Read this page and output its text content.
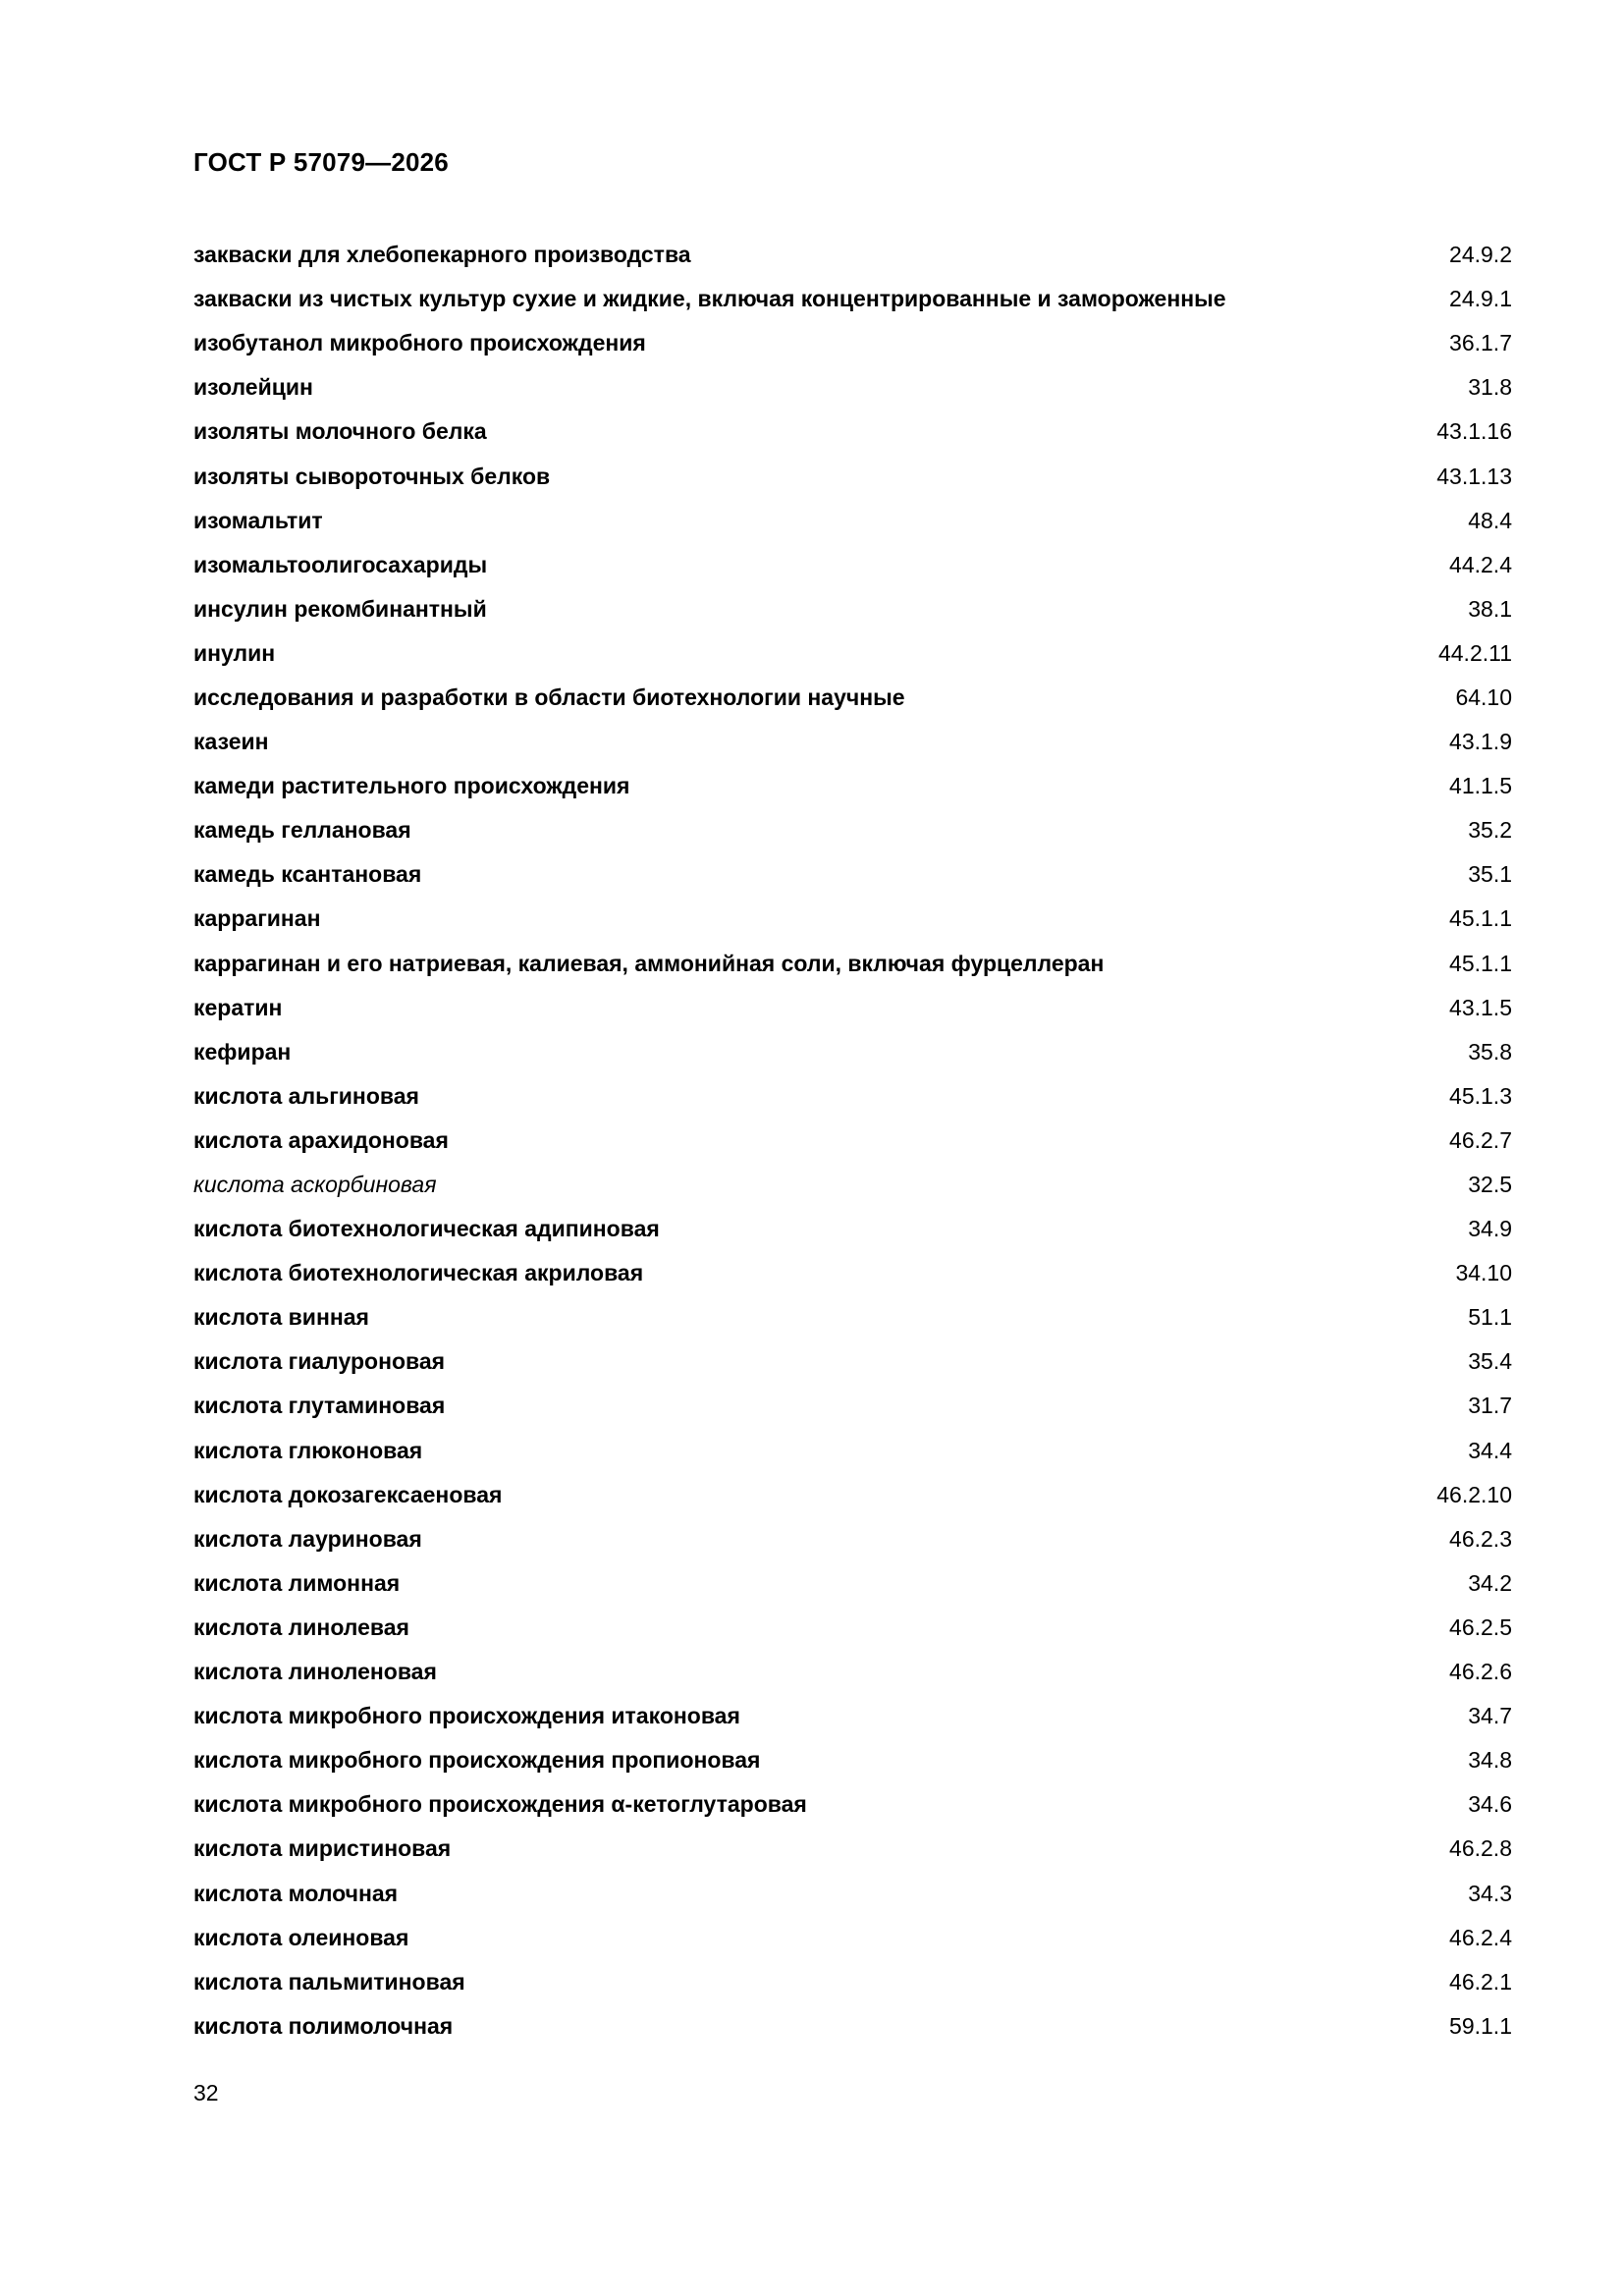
ГОСТ Р 57079—2026
закваски для хлебопекарного производства	24.9.2
закваски из чистых культур сухие и жидкие, включая концентрированные и замороженные	24.9.1
изобутанол микробного происхождения	36.1.7
изолейцин	31.8
изоляты молочного белка	43.1.16
изоляты сывороточных белков	43.1.13
изомальтит	48.4
изомальтоолигосахариды	44.2.4
инсулин рекомбинантный	38.1
инулин	44.2.11
исследования и разработки в области биотехнологии научные	64.10
казеин	43.1.9
камеди растительного происхождения	41.1.5
камедь геллановая	35.2
камедь ксантановая	35.1
каррагинан	45.1.1
каррагинан и его натриевая, калиевая, аммонийная соли, включая фурцеллеран	45.1.1
кератин	43.1.5
кефиран	35.8
кислота альгиновая	45.1.3
кислота арахидоновая	46.2.7
кислота аскорбиновая	32.5
кислота биотехнологическая адипиновая	34.9
кислота биотехнологическая акриловая	34.10
кислота винная	51.1
кислота гиалуроновая	35.4
кислота глутаминовая	31.7
кислота глюконовая	34.4
кислота докозагексаеновая	46.2.10
кислота лауриновая	46.2.3
кислота лимонная	34.2
кислота линолевая	46.2.5
кислота линоленовая	46.2.6
кислота микробного происхождения итаконовая	34.7
кислота микробного происхождения пропионовая	34.8
кислота микробного происхождения α-кетоглутаровая	34.6
кислота миристиновая	46.2.8
кислота молочная	34.3
кислота олеиновая	46.2.4
кислота пальмитиновая	46.2.1
кислота полимолочная	59.1.1

32
